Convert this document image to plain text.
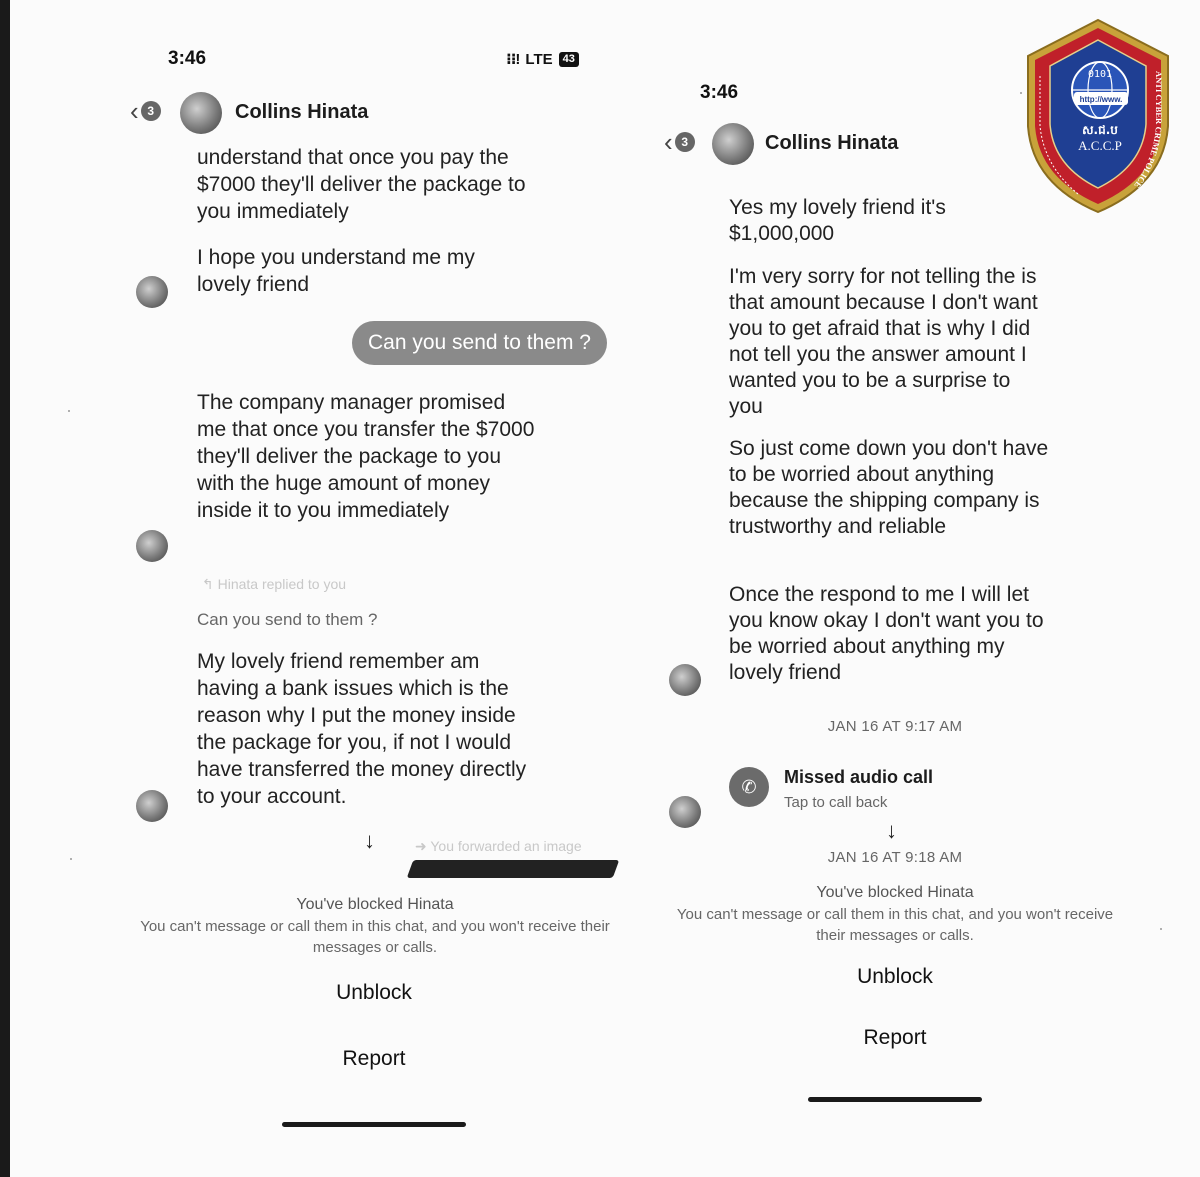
3:46	⁝⁝! LTE 43
‹ 3	Collins Hinata
understand that once you pay the $7000 they'll deliver the package to you immediately
I hope you understand me my lovely friend
Can you send to them ?
The company manager promised me that once you transfer the $7000 they'll deliver the package to you with the huge amount of money inside it to you immediately
↰ Hinata replied to you
Can you send to them ?
My lovely friend remember am having a bank issues which is the reason why I put the money inside the package for you, if not I would have transferred the money directly to your account.
↓	➜ You forwarded an image
You've blocked Hinata
You can't message or call them in this chat, and you won't receive their messages or calls.
Unblock
Report
3:46
‹ 3	Collins Hinata
Yes my lovely friend it's $1,000,000
I'm very sorry for not telling the is that amount because I don't want you to get afraid that is why I did not tell you the answer amount I wanted you to be a surprise to you
So just come down you don't have to be worried about anything because the shipping company is trustworthy and reliable
Once the respond to me I will let you know okay I don't want you to be worried about anything my lovely friend
JAN 16 AT 9:17 AM
✆	Missed audio call
Tap to call back
↓
JAN 16 AT 9:18 AM
You've blocked Hinata
You can't message or call them in this chat, and you won't receive their messages or calls.
Unblock
Report
0101
http://www.
ស.ជ.ប
A.C.C.P
ANTI CYBER CRIME POLICE
